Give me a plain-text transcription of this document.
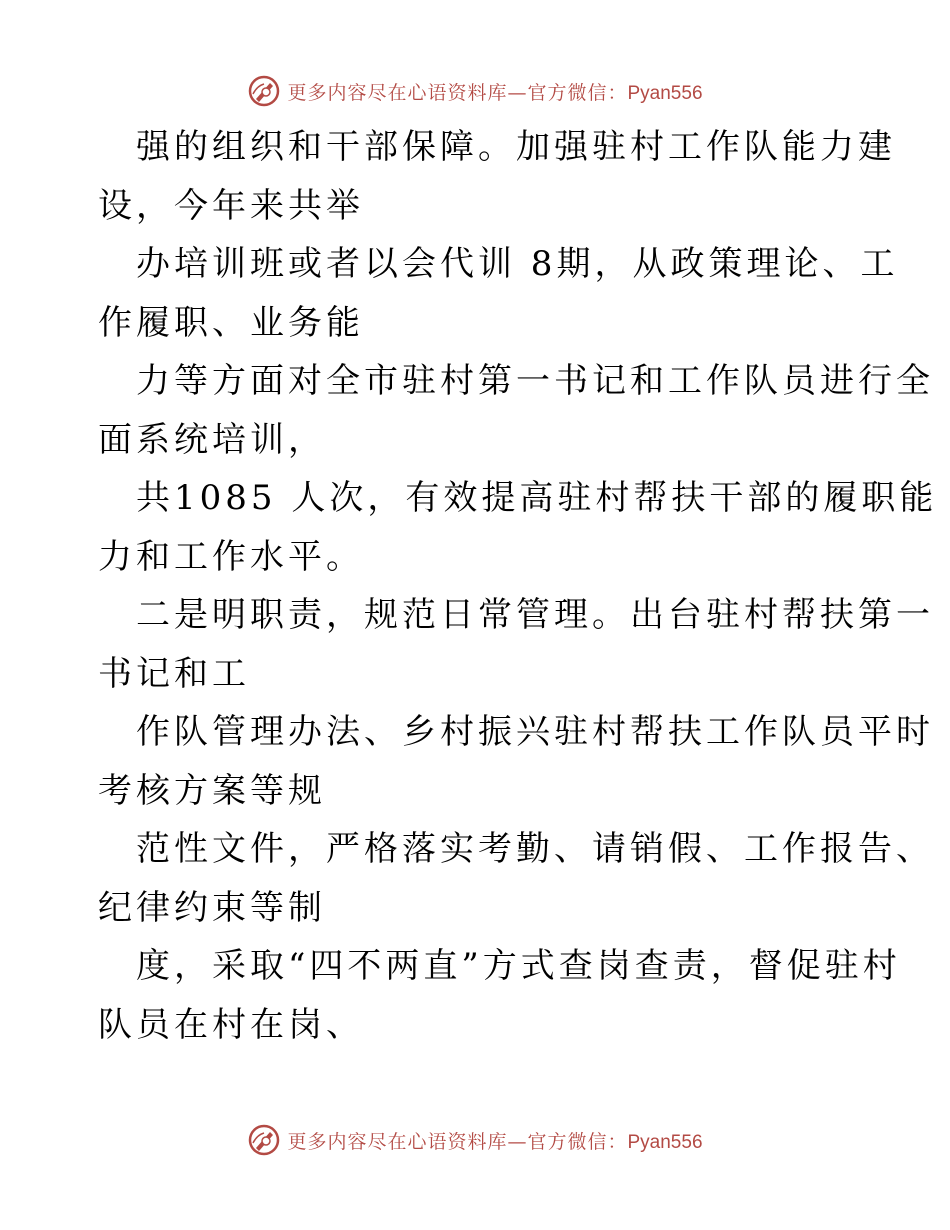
更多内容尽在心语资料库—官方微信：Pyan556
强的组织和干部保障。加强驻村工作队能力建
设，今年来共举
办培训班或者以会代训 8期，从政策理论、工
作履职、业务能
力等方面对全市驻村第一书记和工作队员进行全
面系统培训，
共1085 人次，有效提高驻村帮扶干部的履职能
力和工作水平。
二是明职责，规范日常管理。出台驻村帮扶第一
书记和工
作队管理办法、乡村振兴驻村帮扶工作队员平时
考核方案等规
范性文件，严格落实考勤、请销假、工作报告、
纪律约束等制
度，采取“四不两直”方式查岗查责，督促驻村
队员在村在岗、
更多内容尽在心语资料库—官方微信：Pyan556
